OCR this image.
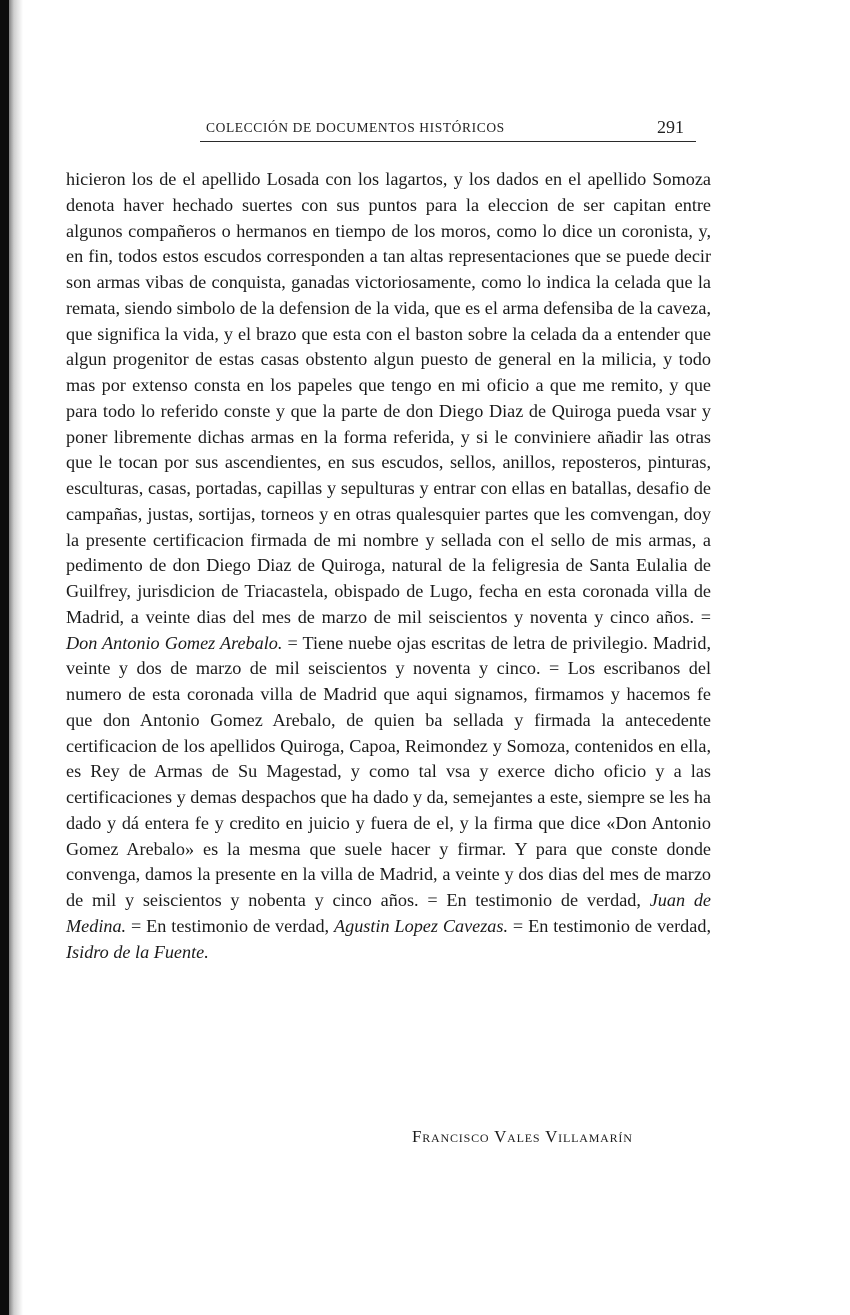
COLECCIÓN DE DOCUMENTOS HISTÓRICOS	291

hicieron los de el apellido Losada con los lagartos, y los dados en el apellido Somoza denota haver hechado suertes con sus puntos para la eleccion de ser capitan entre algunos compañeros o hermanos en tiempo de los moros, como lo dice un coronista, y, en fin, todos estos escudos corresponden a tan altas representaciones que se puede decir son armas vibas de conquista, ganadas victoriosamente, como lo indica la celada que la remata, siendo simbolo de la defension de la vida, que es el arma defensiba de la caveza, que significa la vida, y el brazo que esta con el baston sobre la celada da a entender que algun progenitor de estas casas obstento algun puesto de general en la milicia, y todo mas por extenso consta en los papeles que tengo en mi oficio a que me remito, y que para todo lo referido conste y que la parte de don Diego Diaz de Quiroga pueda vsar y poner libremente dichas armas en la forma referida, y si le conviniere añadir las otras que le tocan por sus ascendientes, en sus escudos, sellos, anillos, reposteros, pinturas, esculturas, casas, portadas, capillas y sepulturas y entrar con ellas en batallas, desafio de campañas, justas, sortijas, torneos y en otras qualesquier partes que les comvengan, doy la presente certificacion firmada de mi nombre y sellada con el sello de mis armas, a pedimento de don Diego Diaz de Quiroga, natural de la feligresia de Santa Eulalia de Guilfrey, jurisdicion de Triacastela, obispado de Lugo, fecha en esta coronada villa de Madrid, a veinte dias del mes de marzo de mil seiscientos y noventa y cinco años. = Don Antonio Gomez Arebalo. = Tiene nuebe ojas escritas de letra de privilegio. Madrid, veinte y dos de marzo de mil seiscientos y noventa y cinco. = Los escribanos del numero de esta coronada villa de Madrid que aqui signamos, firmamos y hacemos fe que don Antonio Gomez Arebalo, de quien ba sellada y firmada la antecedente certificacion de los apellidos Quiroga, Capoa, Reimondez y Somoza, contenidos en ella, es Rey de Armas de Su Magestad, y como tal vsa y exerce dicho oficio y a las certificaciones y demas despachos que ha dado y da, semejantes a este, siempre se les ha dado y dá entera fe y credito en juicio y fuera de el, y la firma que dice «Don Antonio Gomez Arebalo» es la mesma que suele hacer y firmar. Y para que conste donde convenga, damos la presente en la villa de Madrid, a veinte y dos dias del mes de marzo de mil y seiscientos y nobenta y cinco años. = En testimonio de verdad, Juan de Medina. = En testimonio de verdad, Agustin Lopez Cavezas. = En testimonio de verdad, Isidro de la Fuente.

Francisco Vales Villamarín
